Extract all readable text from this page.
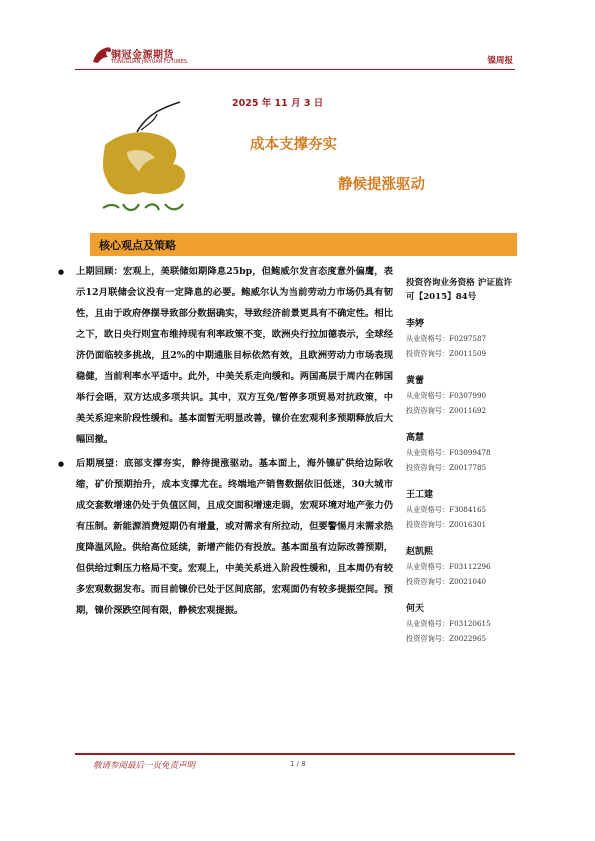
铜冠金源期货
TONGGUAN JINYUAN FUTURES	镍周报
2025 年 11 月 3 日
成本支撑夯实
静候提涨驱动
核心观点及策略
● 上期回顾：宏观上，美联储如期降息25bp，但鲍威尔发言态度意外偏鹰，表示12月联储会议没有一定降息的必要。鲍威尔认为当前劳动力市场仍具有韧性，且由于政府停摆导致部分数据确实，导致经济前景更具有不确定性。相比之下，欧日央行则宣布维持现有利率政策不变，欧洲央行拉加德表示，全球经济仍面临较多挑战，且2%的中期通胀目标依然有效，且欧洲劳动力市场表现稳健，当前利率水平适中。此外，中美关系走向缓和。两国高层于周内在韩国举行会晤，双方达成多项共识。其中，双方互免/暂停多项贸易对抗政策，中美关系迎来阶段性缓和。基本面暂无明显改善，镍价在宏观利多预期释放后大幅回撤。
● 后期展望：底部支撑夯实，静待提涨驱动。基本面上，海外镍矿供给边际收缩，矿价预期抬升，成本支撑尤在。终端地产销售数据依旧低迷，30大城市成交套数增速仍处于负值区间，且成交面积增速走弱，宏观环境对地产张力仍有压制。新能源消费短期仍有增量，或对需求有所拉动，但要警惕月末需求热度降温风险。供给高位延续，新增产能仍有投放。基本面虽有边际改善预期，但供给过剩压力格局不变。宏观上，中美关系进入阶段性缓和，且本周仍有较多宏观数据发布。而目前镍价已处于区间底部，宏观面仍有较多提振空间。预期，镍价深跌空间有限，静候宏观提振。
投资咨询业务资格 沪证监许可【2015】84号
李婷
从业资格号：F0297587
投资咨询号：Z0011509
黄蕾
从业资格号：F0307990
投资咨询号：Z0011692
高慧
从业资格号：F03099478
投资咨询号：Z0017785
王工建
从业资格号：F3084165
投资咨询号：Z0016301
赵凯熙
从业资格号：F03112296
投资咨询号：Z0021040
何天
从业资格号：F03120615
投资咨询号：Z0022965
敬请参阅最后一页免责声明	1 / 8
